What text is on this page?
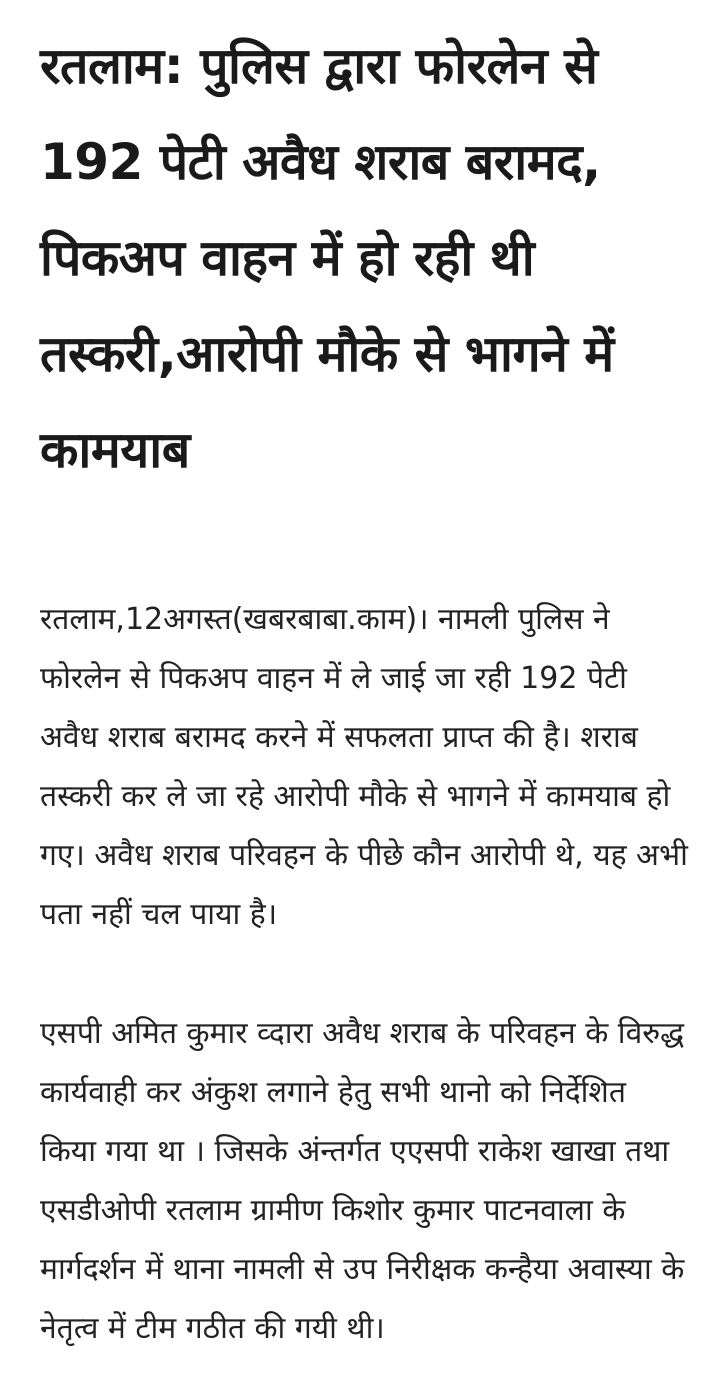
रतलाम: पुलिस द्वारा फोरलेन से 192 पेटी अवैध शराब बरामद, पिकअप वाहन में हो रही थी तस्करी,आरोपी मौके से भागने में कामयाब

रतलाम,12अगस्त(खबरबाबा.काम)। नामली पुलिस ने फोरलेन से पिकअप वाहन में ले जाई जा रही 192 पेटी अवैध शराब बरामद करने में सफलता प्राप्त की है। शराब तस्करी कर ले जा रहे आरोपी मौके से भागने में कामयाब हो गए। अवैध शराब परिवहन के पीछे कौन आरोपी थे, यह अभी पता नहीं चल पाया है।

एसपी अमित कुमार व्दारा अवैध शराब के परिवहन के विरुद्ध कार्यवाही कर अंकुश लगाने हेतु सभी थानो को निर्देशित किया गया था । जिसके अंन्तर्गत एएसपी राकेश खाखा तथा एसडीओपी रतलाम ग्रामीण किशोर कुमार पाटनवाला के मार्गदर्शन में थाना नामली से उप निरीक्षक कन्हैया अवास्या के नेतृत्व में टीम गठीत की गयी थी।
